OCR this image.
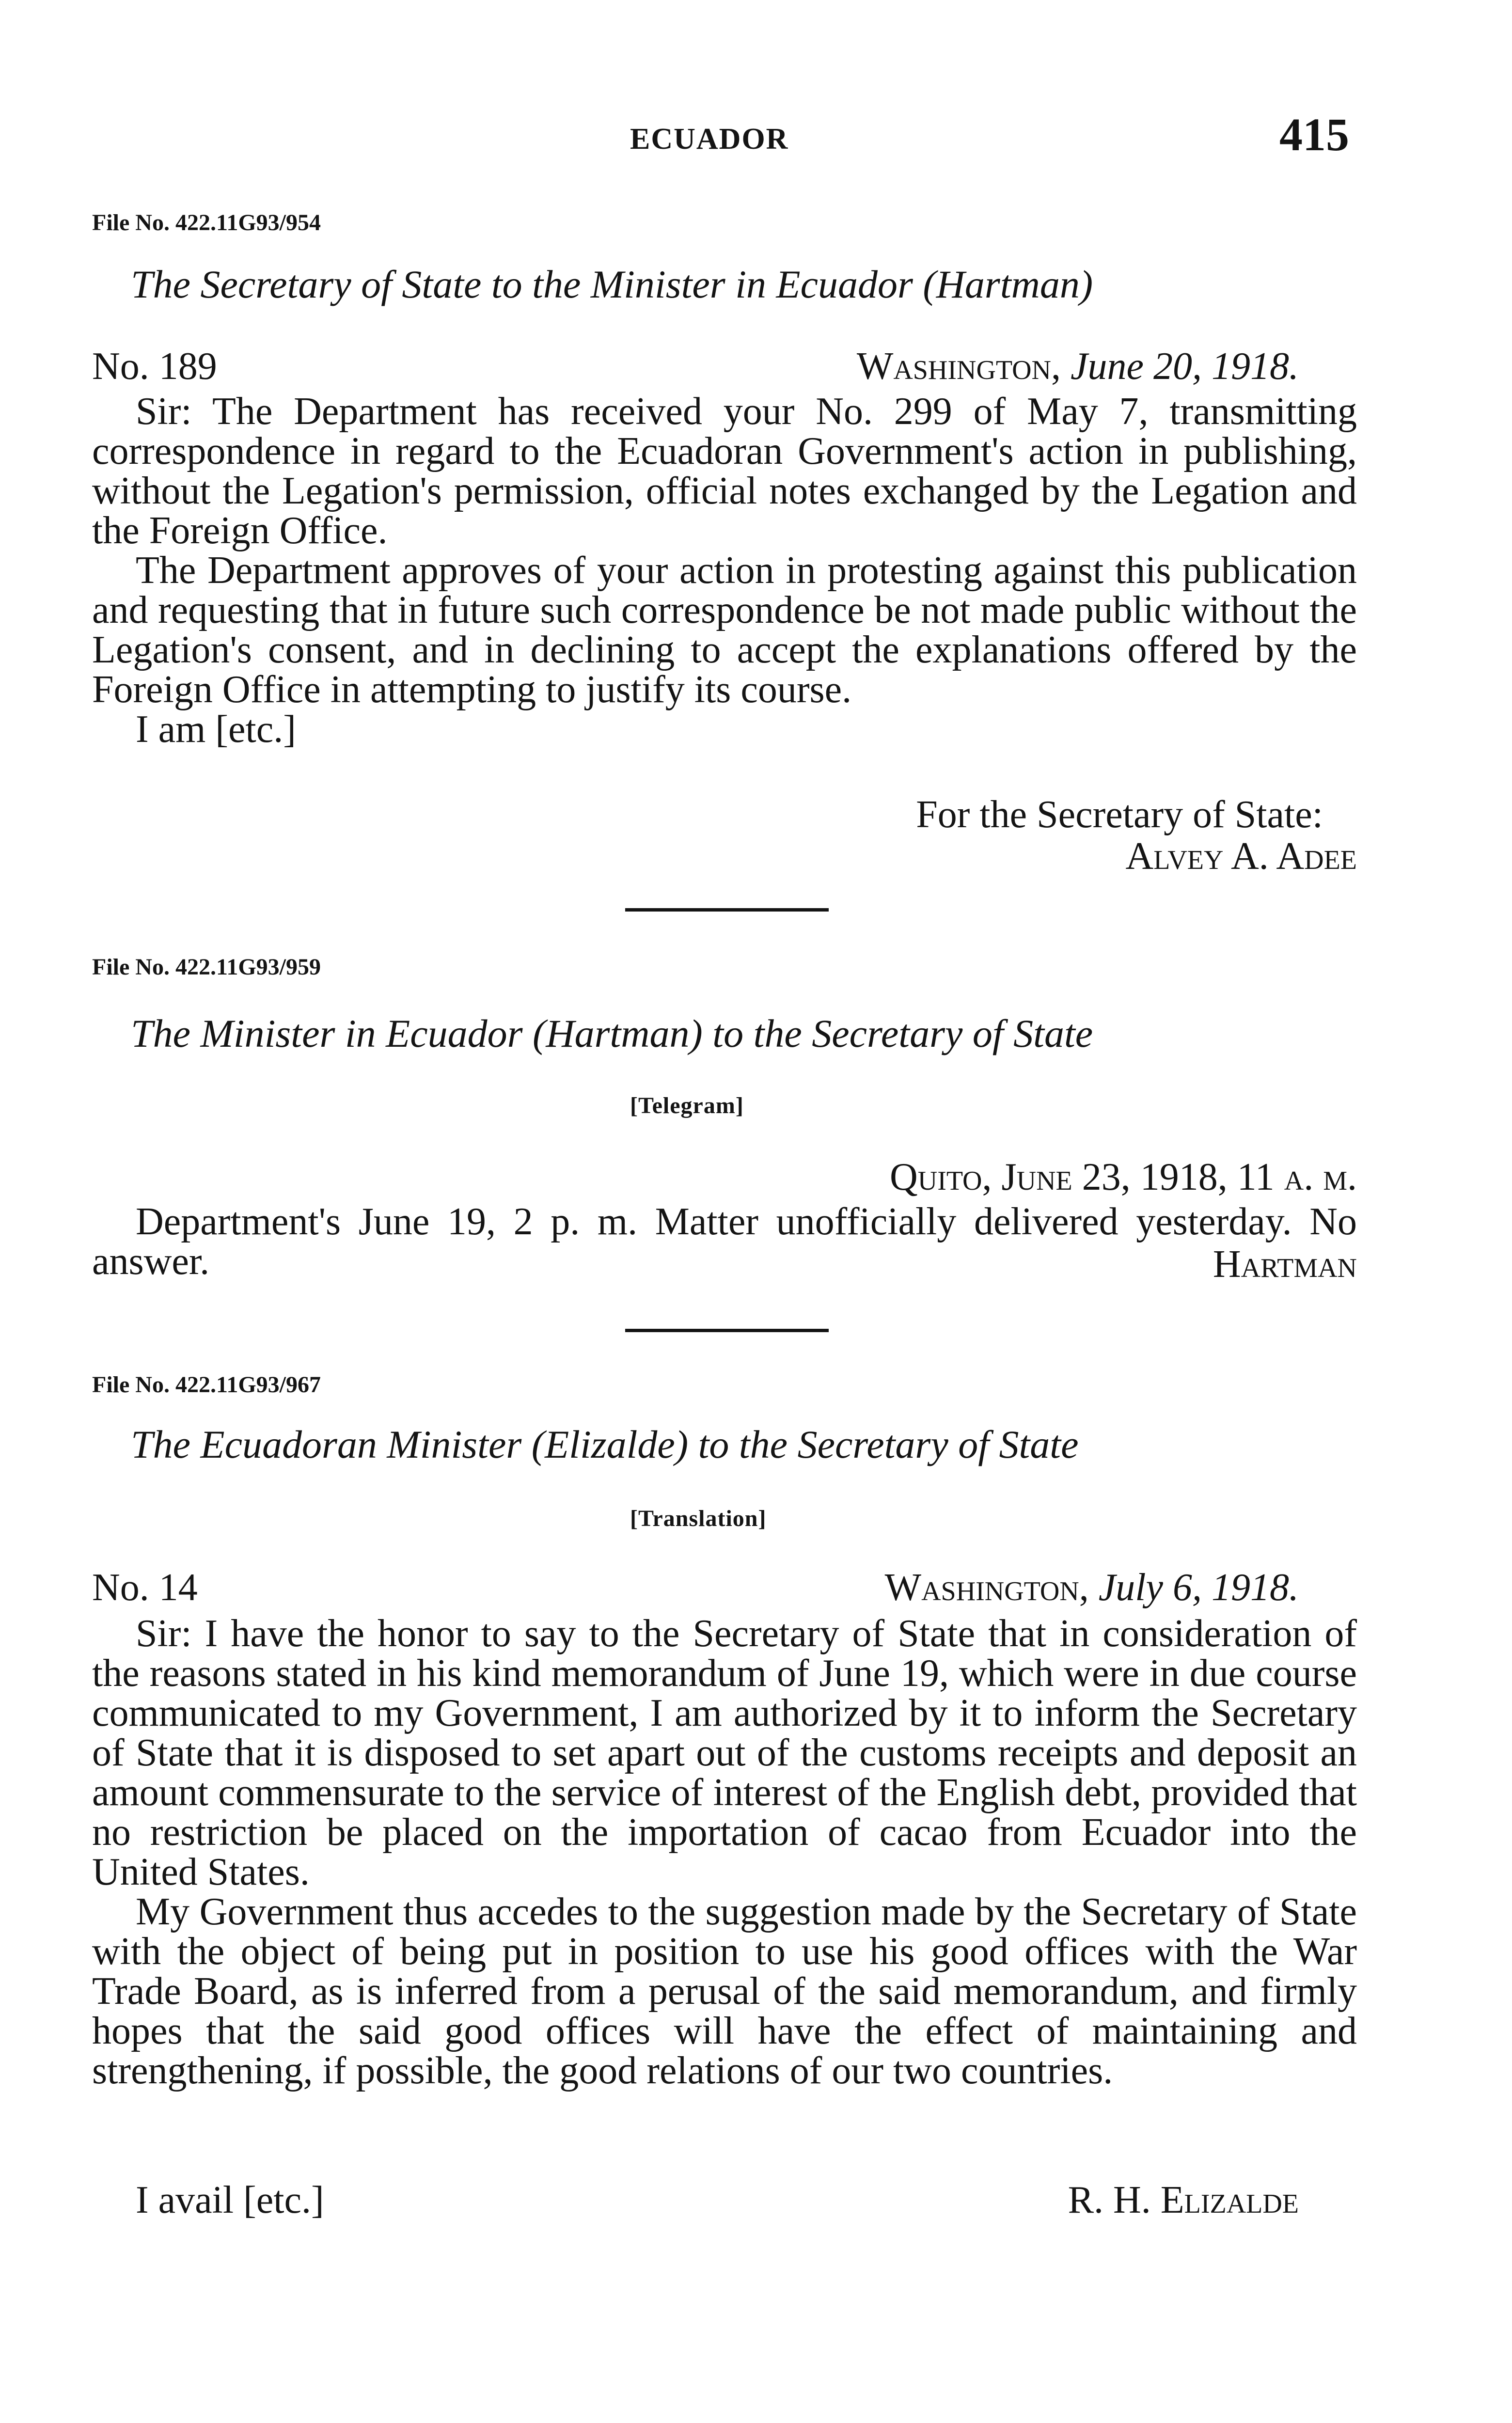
ECUADOR	415
File No. 422.11G93/954
The Secretary of State to the Minister in Ecuador (Hartman)
No. 189	Washington, June 20, 1918.

Sir: The Department has received your No. 299 of May 7, transmitting correspondence in regard to the Ecuadoran Government's action in publishing, without the Legation's permission, official notes exchanged by the Legation and the Foreign Office.

The Department approves of your action in protesting against this publication and requesting that in future such correspondence be not made public without the Legation's consent, and in declining to accept the explanations offered by the Foreign Office in attempting to justify its course.

I am [etc.]

For the Secretary of State:
Alvey A. Adee
File No. 422.11G93/959
The Minister in Ecuador (Hartman) to the Secretary of State
[Telegram]
Quito, June 23, 1918, 11 a. m.

Department's June 19, 2 p. m. Matter unofficially delivered yesterday. No answer.	Hartman
File No. 422.11G93/967
The Ecuadoran Minister (Elizalde) to the Secretary of State
[Translation]
No. 14	Washington, July 6, 1918.

Sir: I have the honor to say to the Secretary of State that in consideration of the reasons stated in his kind memorandum of June 19, which were in due course communicated to my Government, I am authorized by it to inform the Secretary of State that it is disposed to set apart out of the customs receipts and deposit an amount commensurate to the service of interest of the English debt, provided that no restriction be placed on the importation of cacao from Ecuador into the United States.

My Government thus accedes to the suggestion made by the Secretary of State with the object of being put in position to use his good offices with the War Trade Board, as is inferred from a perusal of the said memorandum, and firmly hopes that the said good offices will have the effect of maintaining and strengthening, if possible, the good relations of our two countries.

I avail [etc.]	R. H. Elizalde
